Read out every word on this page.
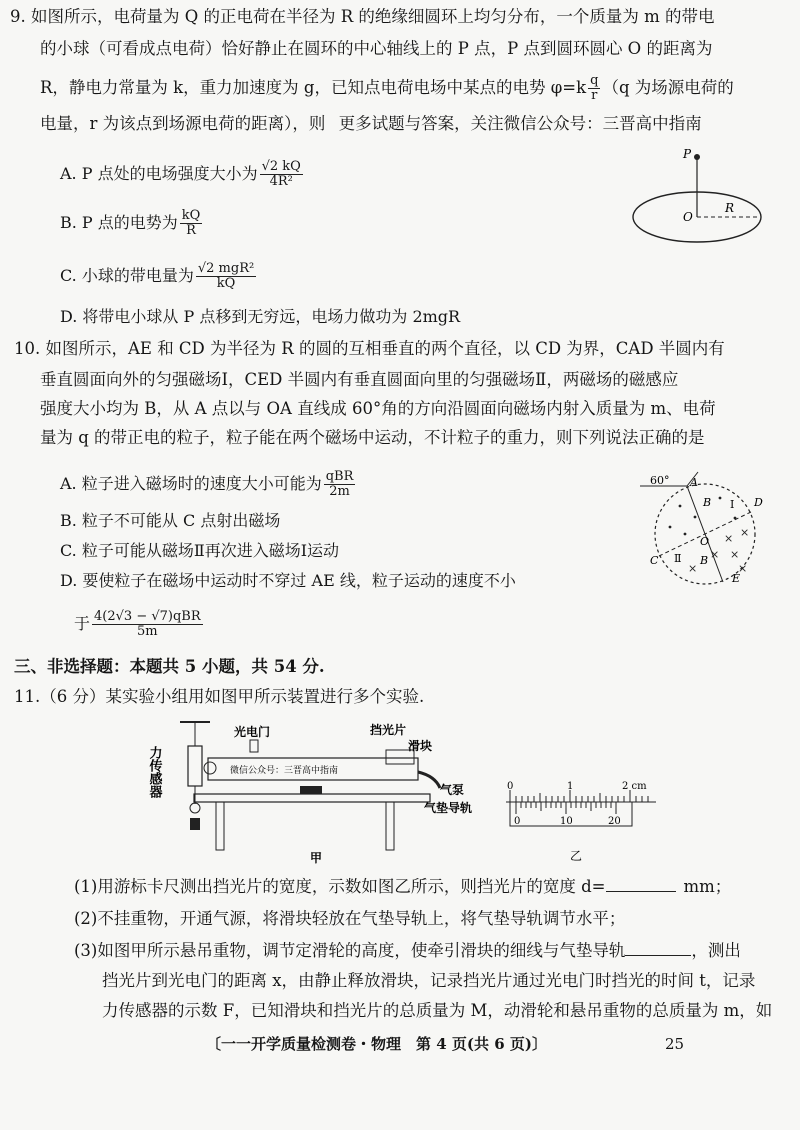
9. 如图所示，电荷量为 Q 的正电荷在半径为 R 的绝缘细圆环上均匀分布，一个质量为 m 的带电
的小球（可看成点电荷）恰好静止在圆环的中心轴线上的 P 点，P 点到圆环圆心 O 的距离为
R，静电力常量为 k，重力加速度为 g，已知点电荷电场中某点的电势 $\varphi=k \frac{q}{r} (q$ 为场源电荷的
电量，r 为该点到场源电荷的距离），则 更多试题与答案，关注微信公众号：三晋高中指南
A. P 点处的电场强度大小为 $\frac{√2 kQ}{\text{4R²}}$
B. P 点的电势为 $\frac{kQ}{R}$
C. 小球的带电量为 $\frac{\text{√2 mgR²}}{kQ}$
D. 将带电小球从 P 点移到无穷远，电场力做功为 2mgR
P
O
R
10. 如图所示，AE 和 CD 为半径为 R 的圆的互相垂直的两个直径，以 CD 为界，CAD 半圆内有
垂直圆面向外的匀强磁场Ⅰ，CED 半圆内有垂直圆面向里的匀强磁场Ⅱ，两磁场的磁感应
强度大小均为 B，从 A 点以与 OA 直线成 60°角的方向沿圆面向磁场内射入质量为 m、电荷
量为 q 的带正电的粒子，粒子能在两个磁场中运动，不计粒子的重力，则下列说法正确的是
A. 粒子进入磁场时的速度大小可能为 $\frac{\text{qBR}}{2m}$
B. 粒子不可能从 C 点射出磁场
C. 粒子可能从磁场Ⅱ再次进入磁场Ⅰ运动
D. 要使粒子在磁场中运动时不穿过 AE 线，粒子运动的速度不小
于 $\frac{\text{4(2√3 − √7)qBR}}{5m}$
60° A
B Ⅰ D
O
C Ⅱ B
E
× ×
× ×
×	×
三、非选择题：本题共 5 小题，共 54 分.
11.（6 分）某实验小组用如图甲所示装置进行多个实验.
力传感器	微信公众号：三晋高中指南
光电门	挡光片
滑块
气泵
气垫导轨
甲
0	1	2 cm
0	10	20
乙
(1)用游标卡尺测出挡光片的宽度，示数如图乙所示，则挡光片的宽度 d=	mm；
(2)不挂重物，开通气源，将滑块轻放在气垫导轨上，将气垫导轨调节水平；
(3)如图甲所示悬吊重物，调节定滑轮的高度，使牵引滑块的细线与气垫导轨	，测出
挡光片到光电门的距离 x，由静止释放滑块，记录挡光片通过光电门时挡光的时间 t，记录
力传感器的示数 F，已知滑块和挡光片的总质量为 M，动滑轮和悬吊重物的总质量为 m，如
〔一一开学质量检测卷・物理　第 4 页(共 6 页)〕	25
